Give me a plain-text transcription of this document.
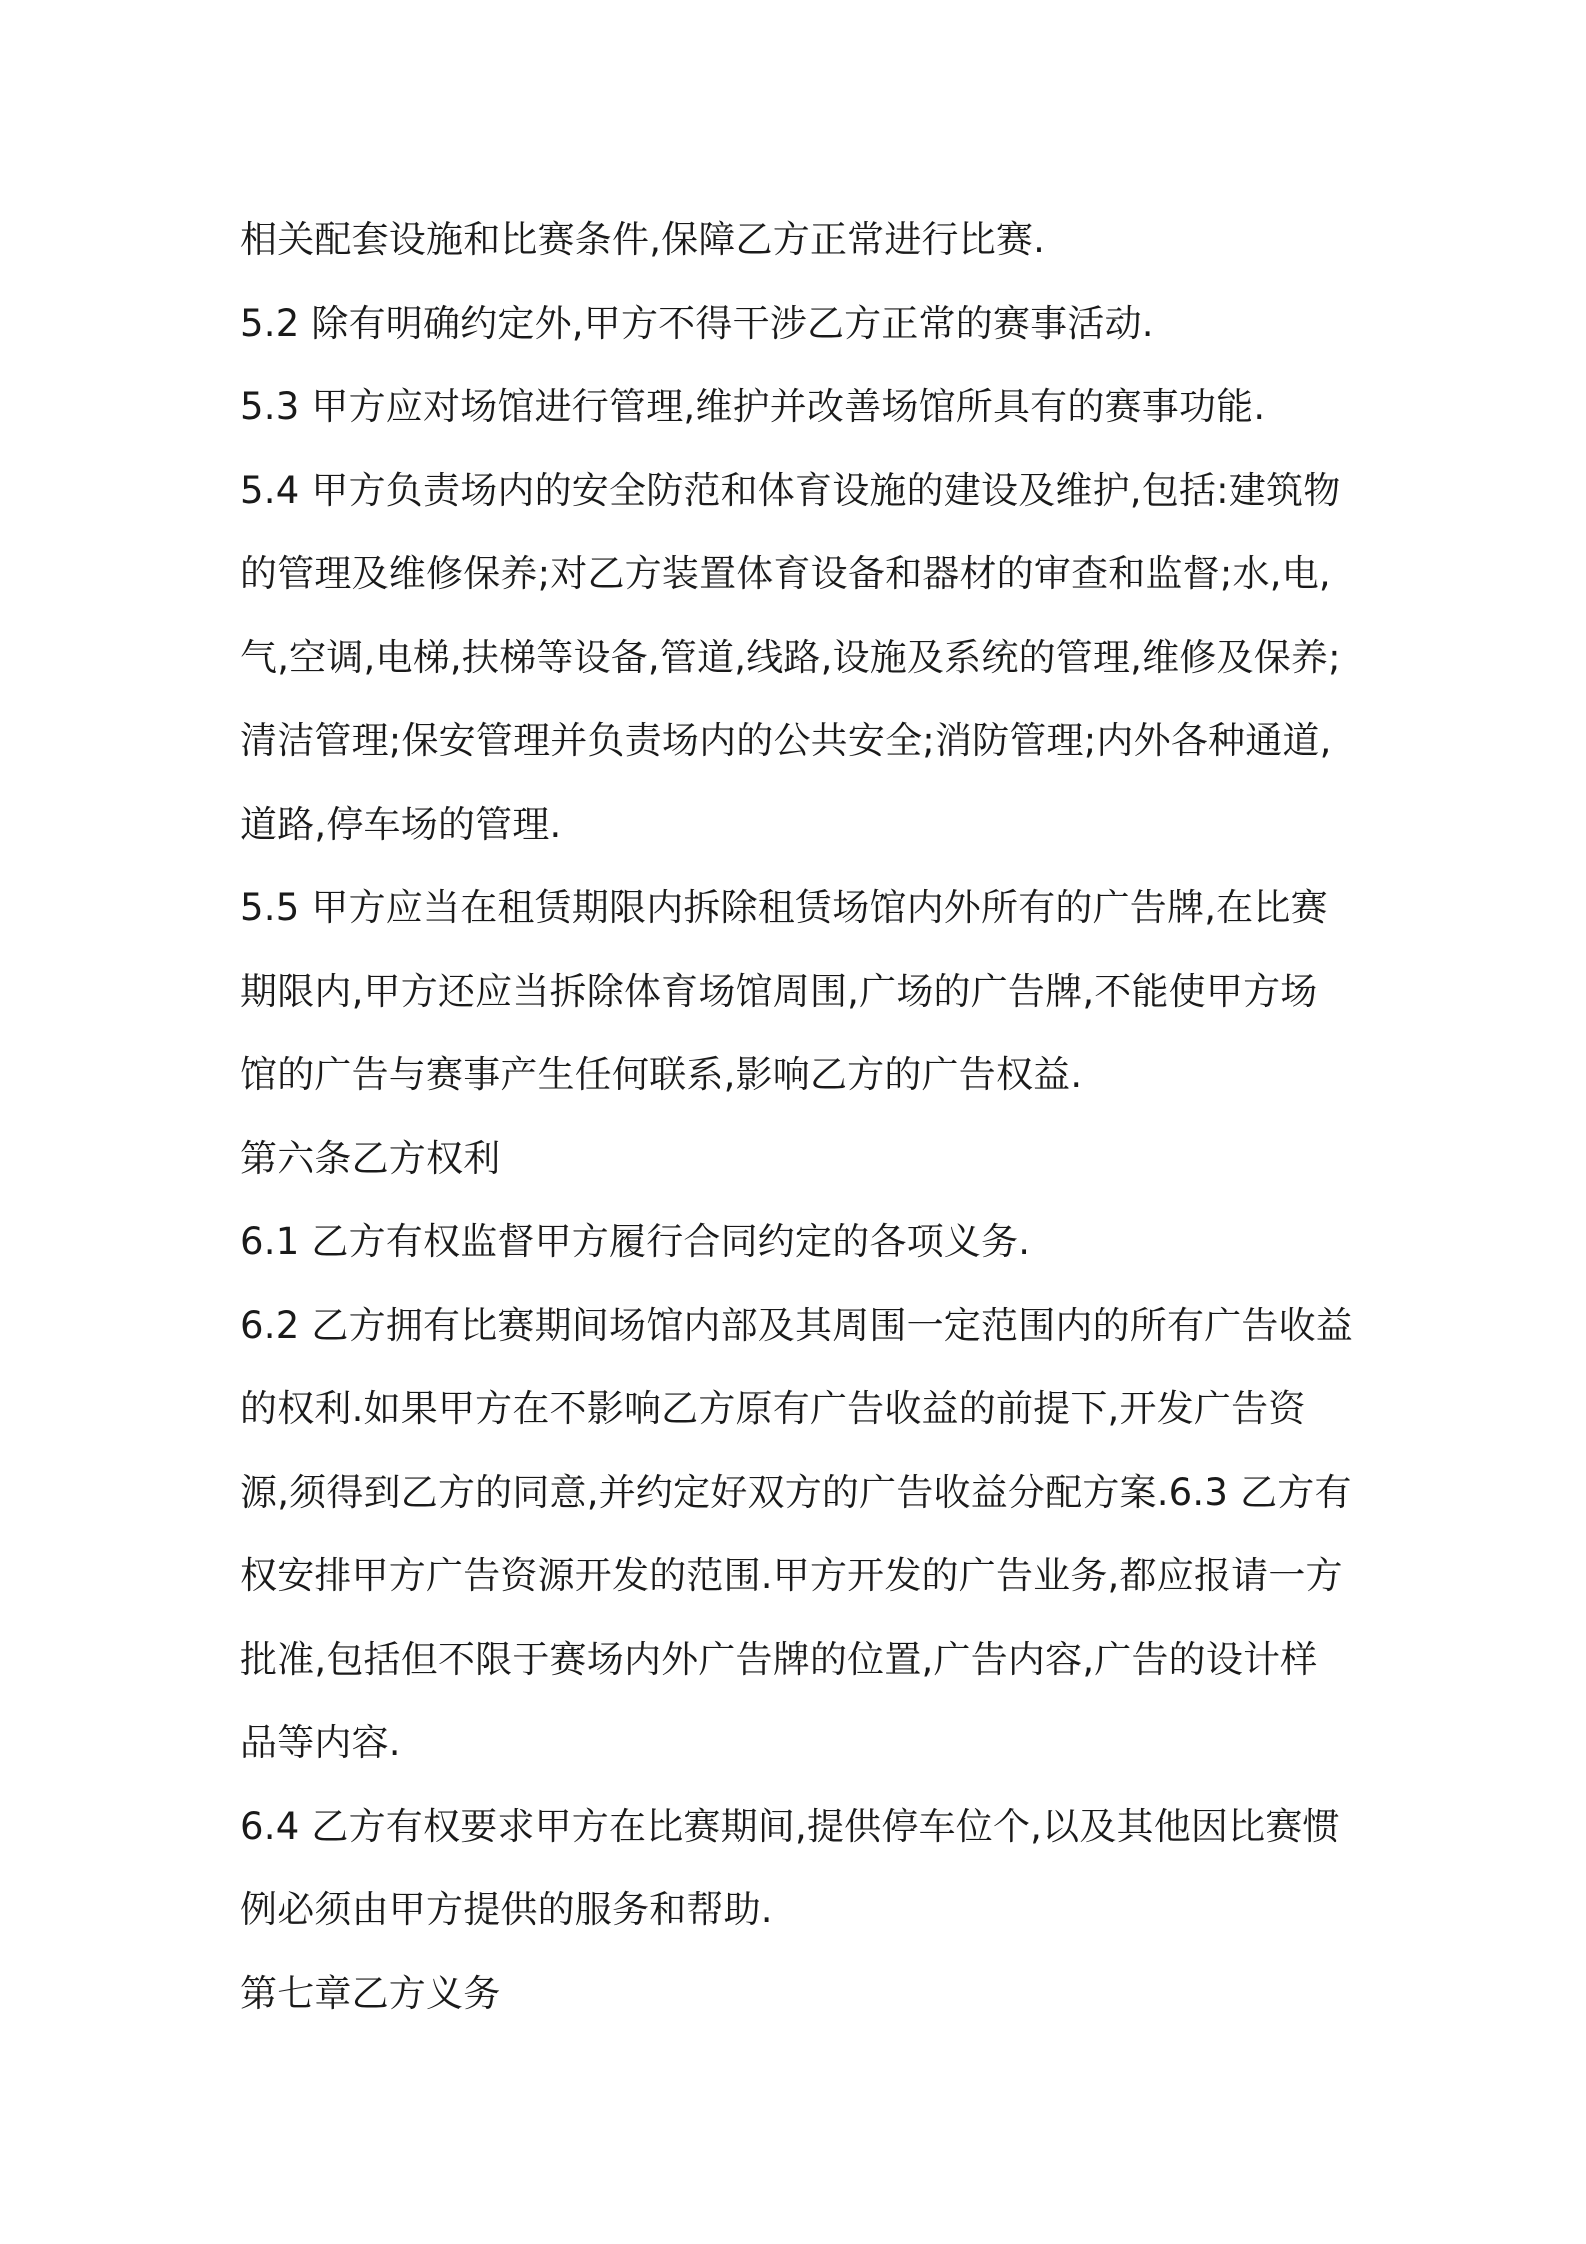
相关配套设施和比赛条件,保障乙方正常进行比赛.
5.2 除有明确约定外,甲方不得干涉乙方正常的赛事活动.
5.3 甲方应对场馆进行管理,维护并改善场馆所具有的赛事功能.
5.4 甲方负责场内的安全防范和体育设施的建设及维护,包括:建筑物
的管理及维修保养;对乙方装置体育设备和器材的审查和监督;水,电,
气,空调,电梯,扶梯等设备,管道,线路,设施及系统的管理,维修及保养;
清洁管理;保安管理并负责场内的公共安全;消防管理;内外各种通道,
道路,停车场的管理.
5.5 甲方应当在租赁期限内拆除租赁场馆内外所有的广告牌,在比赛
期限内,甲方还应当拆除体育场馆周围,广场的广告牌,不能使甲方场
馆的广告与赛事产生任何联系,影响乙方的广告权益.
第六条乙方权利
6.1 乙方有权监督甲方履行合同约定的各项义务.
6.2 乙方拥有比赛期间场馆内部及其周围一定范围内的所有广告收益
的权利.如果甲方在不影响乙方原有广告收益的前提下,开发广告资
源,须得到乙方的同意,并约定好双方的广告收益分配方案.6.3 乙方有
权安排甲方广告资源开发的范围.甲方开发的广告业务,都应报请一方
批准,包括但不限于赛场内外广告牌的位置,广告内容,广告的设计样
品等内容.
6.4 乙方有权要求甲方在比赛期间,提供停车位个,以及其他因比赛惯
例必须由甲方提供的服务和帮助.
第七章乙方义务
